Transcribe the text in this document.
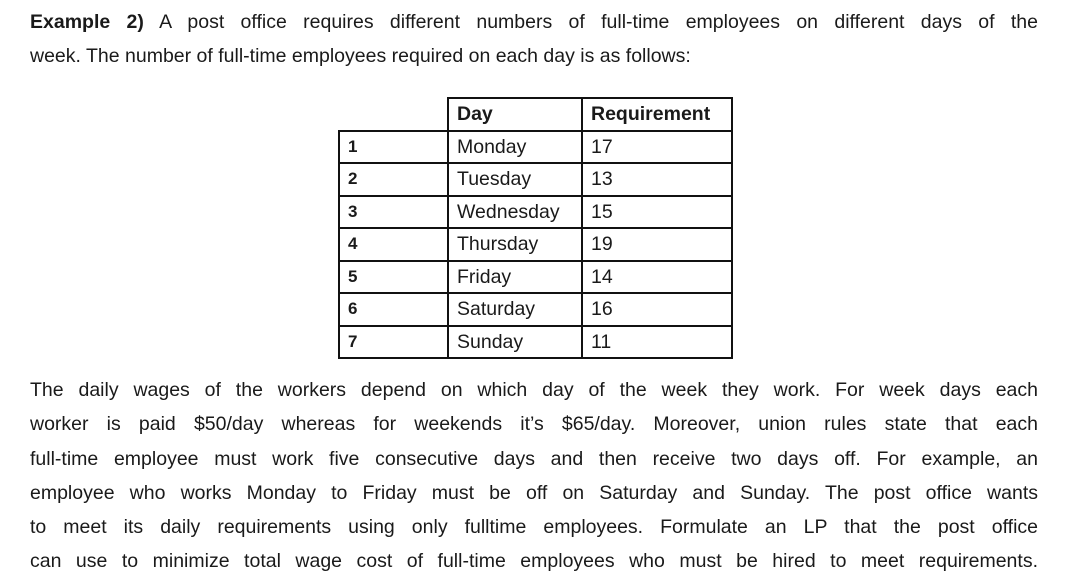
Example 2) A post office requires different numbers of full-time employees on different days of the
week. The number of full-time employees required on each day is as follows:
	Day	Requirement
1	Monday	17
2	Tuesday	13
3	Wednesday	15
4	Thursday	19
5	Friday	14
6	Saturday	16
7	Sunday	11
The daily wages of the workers depend on which day of the week they work. For week days each
worker is paid $50/day whereas for weekends it’s $65/day. Moreover, union rules state that each
full-time employee must work five consecutive days and then receive two days off. For example, an
employee who works Monday to Friday must be off on Saturday and Sunday. The post office wants
to meet its daily requirements using only fulltime employees. Formulate an LP that the post office
can use to minimize total wage cost of full-time employees who must be hired to meet requirements.
